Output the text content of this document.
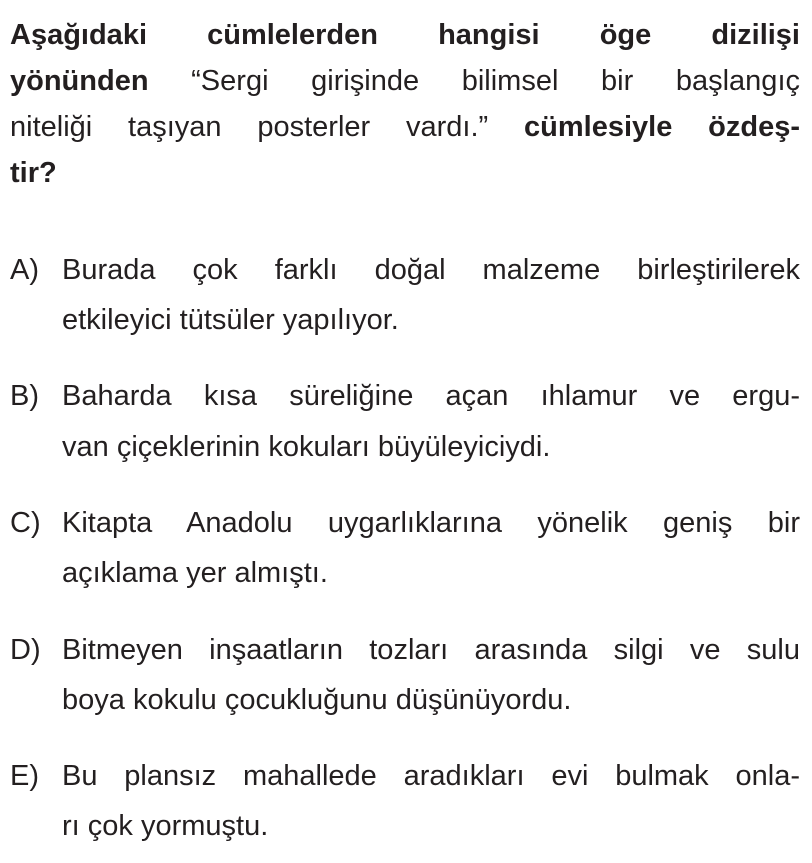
Aşağıdaki cümlelerden hangisi öge dizilişi
yönünden “Sergi girişinde bilimsel bir başlangıç
niteliği taşıyan posterler vardı.” cümlesiyle özdeş-
tir?
A) Burada çok farklı doğal malzeme birleştirilerek
etkileyici tütsüler yapılıyor.
B) Baharda kısa süreliğine açan ıhlamur ve ergu-
van çiçeklerinin kokuları büyüleyiciydi.
C) Kitapta Anadolu uygarlıklarına yönelik geniş bir
açıklama yer almıştı.
D) Bitmeyen inşaatların tozları arasında silgi ve sulu
boya kokulu çocukluğunu düşünüyordu.
E) Bu plansız mahallede aradıkları evi bulmak onla-
rı çok yormuştu.
